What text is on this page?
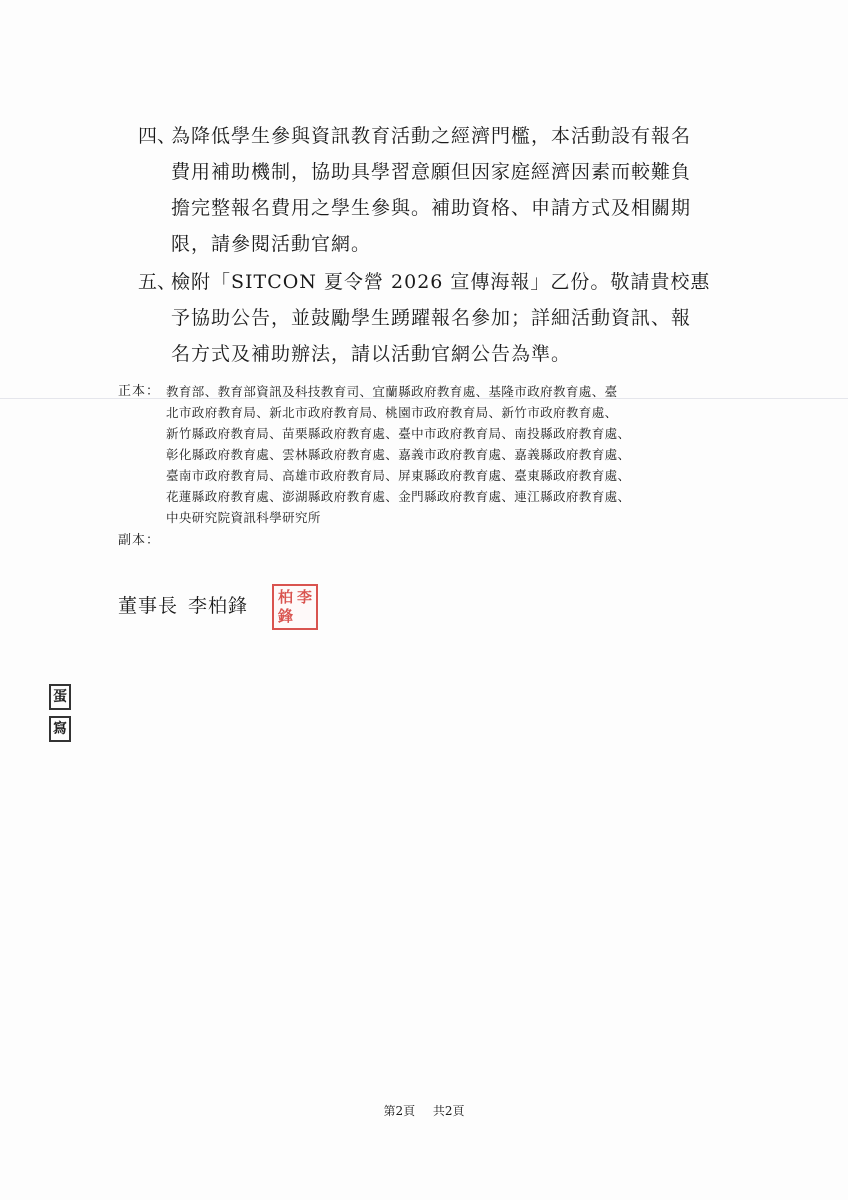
四、
為降低學生參與資訊教育活動之經濟門檻，本活動設有報名
費用補助機制，協助具學習意願但因家庭經濟因素而較難負
擔完整報名費用之學生參與。補助資格、申請方式及相關期
限，請參閱活動官網。
五、
檢附「SITCON 夏令營 2026 宣傳海報」乙份。敬請貴校惠
予協助公告，並鼓勵學生踴躍報名參加；詳細活動資訊、報
名方式及補助辦法，請以活動官網公告為準。
正本： 教育部、教育部資訊及科技教育司、宜蘭縣政府教育處、基隆市政府教育處、臺
北市政府教育局、新北市政府教育局、桃園市政府教育局、新竹市政府教育處、
新竹縣政府教育局、苗栗縣政府教育處、臺中市政府教育局、南投縣政府教育處、
彰化縣政府教育處、雲林縣政府教育處、嘉義市政府教育處、嘉義縣政府教育處、
臺南市政府教育局、高雄市政府教育局、屏東縣政府教育處、臺東縣政府教育處、
花蓮縣政府教育處、澎湖縣政府教育處、金門縣政府教育處、連江縣政府教育處、
中央研究院資訊科學研究所
副本：
董事長 李柏鋒 柏 李
鋒
蛋
寫
第2頁 共2頁
